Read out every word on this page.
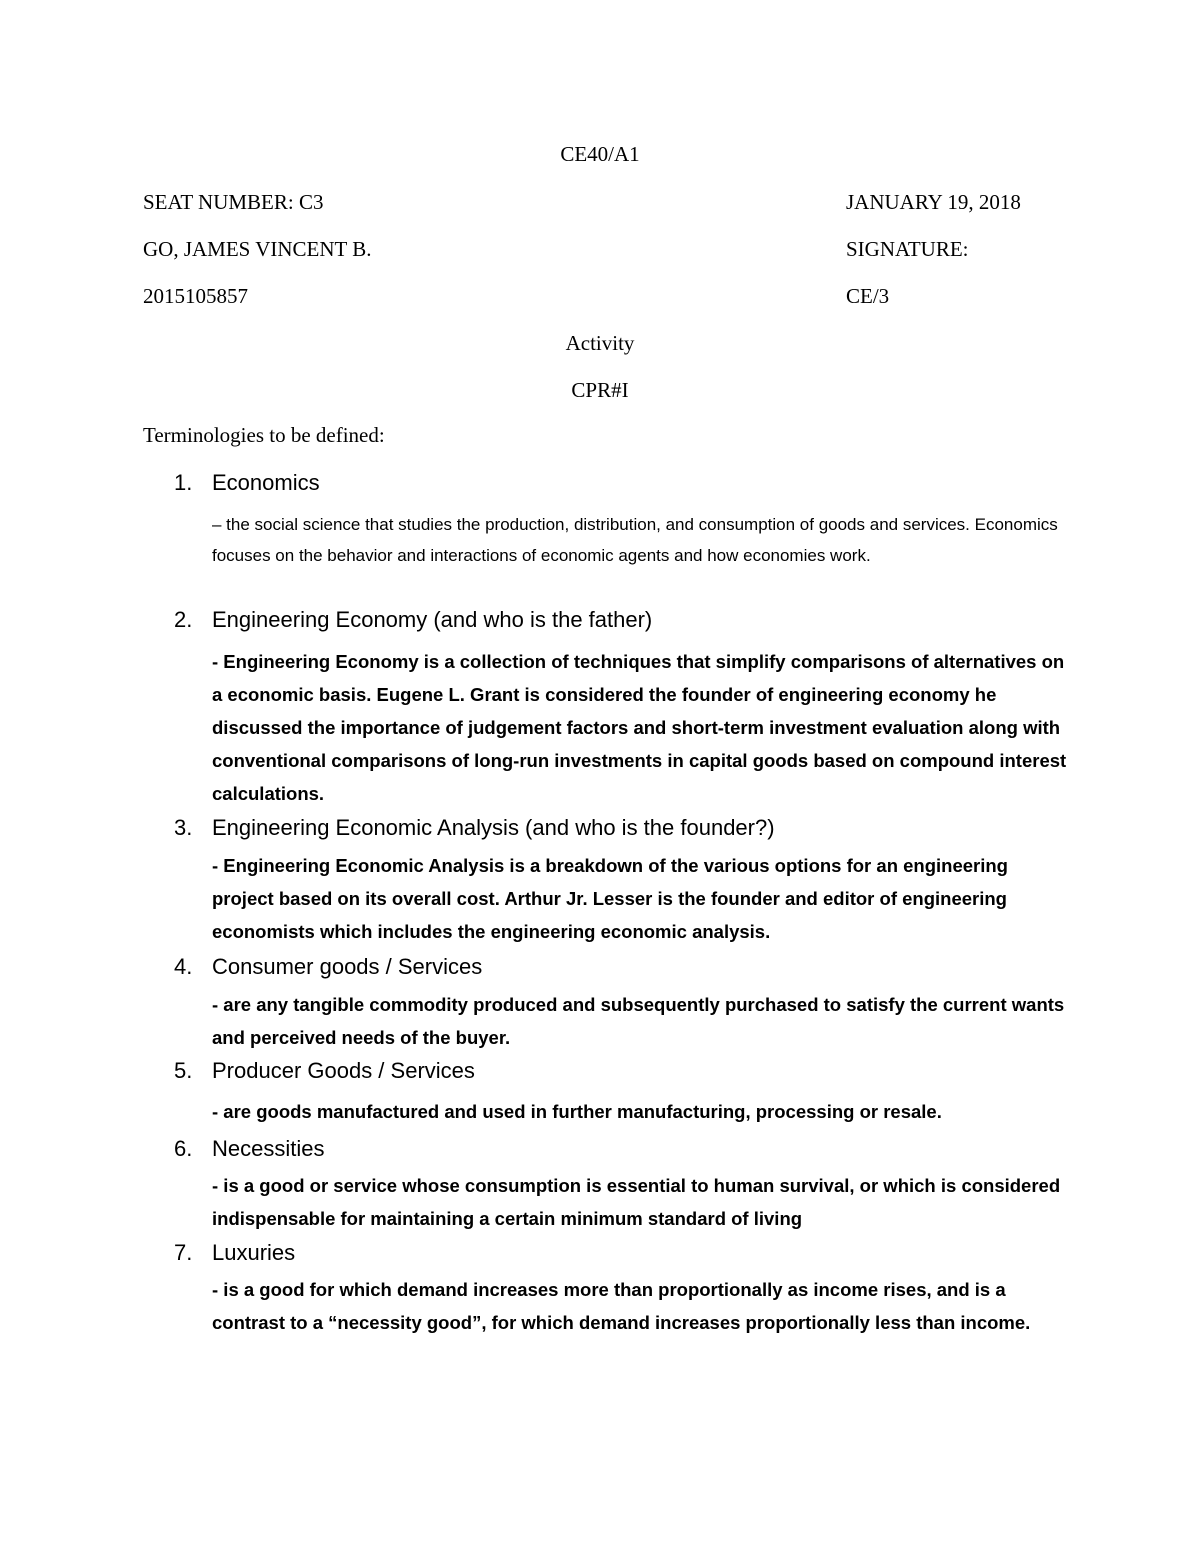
CE40/A1
SEAT NUMBER: C3	JANUARY 19, 2018
GO, JAMES VINCENT B.	SIGNATURE:
2015105857	CE/3
Activity
CPR#I
Terminologies to be defined:
1. Economics
– the social science that studies the production, distribution, and consumption of goods and services. Economics focuses on the behavior and interactions of economic agents and how economies work.
2. Engineering Economy (and who is the father)
- Engineering Economy is a collection of techniques that simplify comparisons of alternatives on a economic basis. Eugene L. Grant is considered the founder of engineering economy he discussed the importance of judgement factors and short-term investment evaluation along with conventional comparisons of long-run investments in capital goods based on compound interest calculations.
3. Engineering Economic Analysis (and who is the founder?)
- Engineering Economic Analysis is a breakdown of the various options for an engineering project based on its overall cost. Arthur Jr. Lesser is the founder and editor of engineering economists which includes the engineering economic analysis.
4. Consumer goods / Services
- are any tangible commodity produced and subsequently purchased to satisfy the current wants and perceived needs of the buyer.
5. Producer Goods / Services
- are goods manufactured and used in further manufacturing, processing or resale.
6. Necessities
- is a good or service whose consumption is essential to human survival, or which is considered indispensable for maintaining a certain minimum standard of living
7. Luxuries
- is a good for which demand increases more than proportionally as income rises, and is a contrast to a “necessity good”, for which demand increases proportionally less than income.
